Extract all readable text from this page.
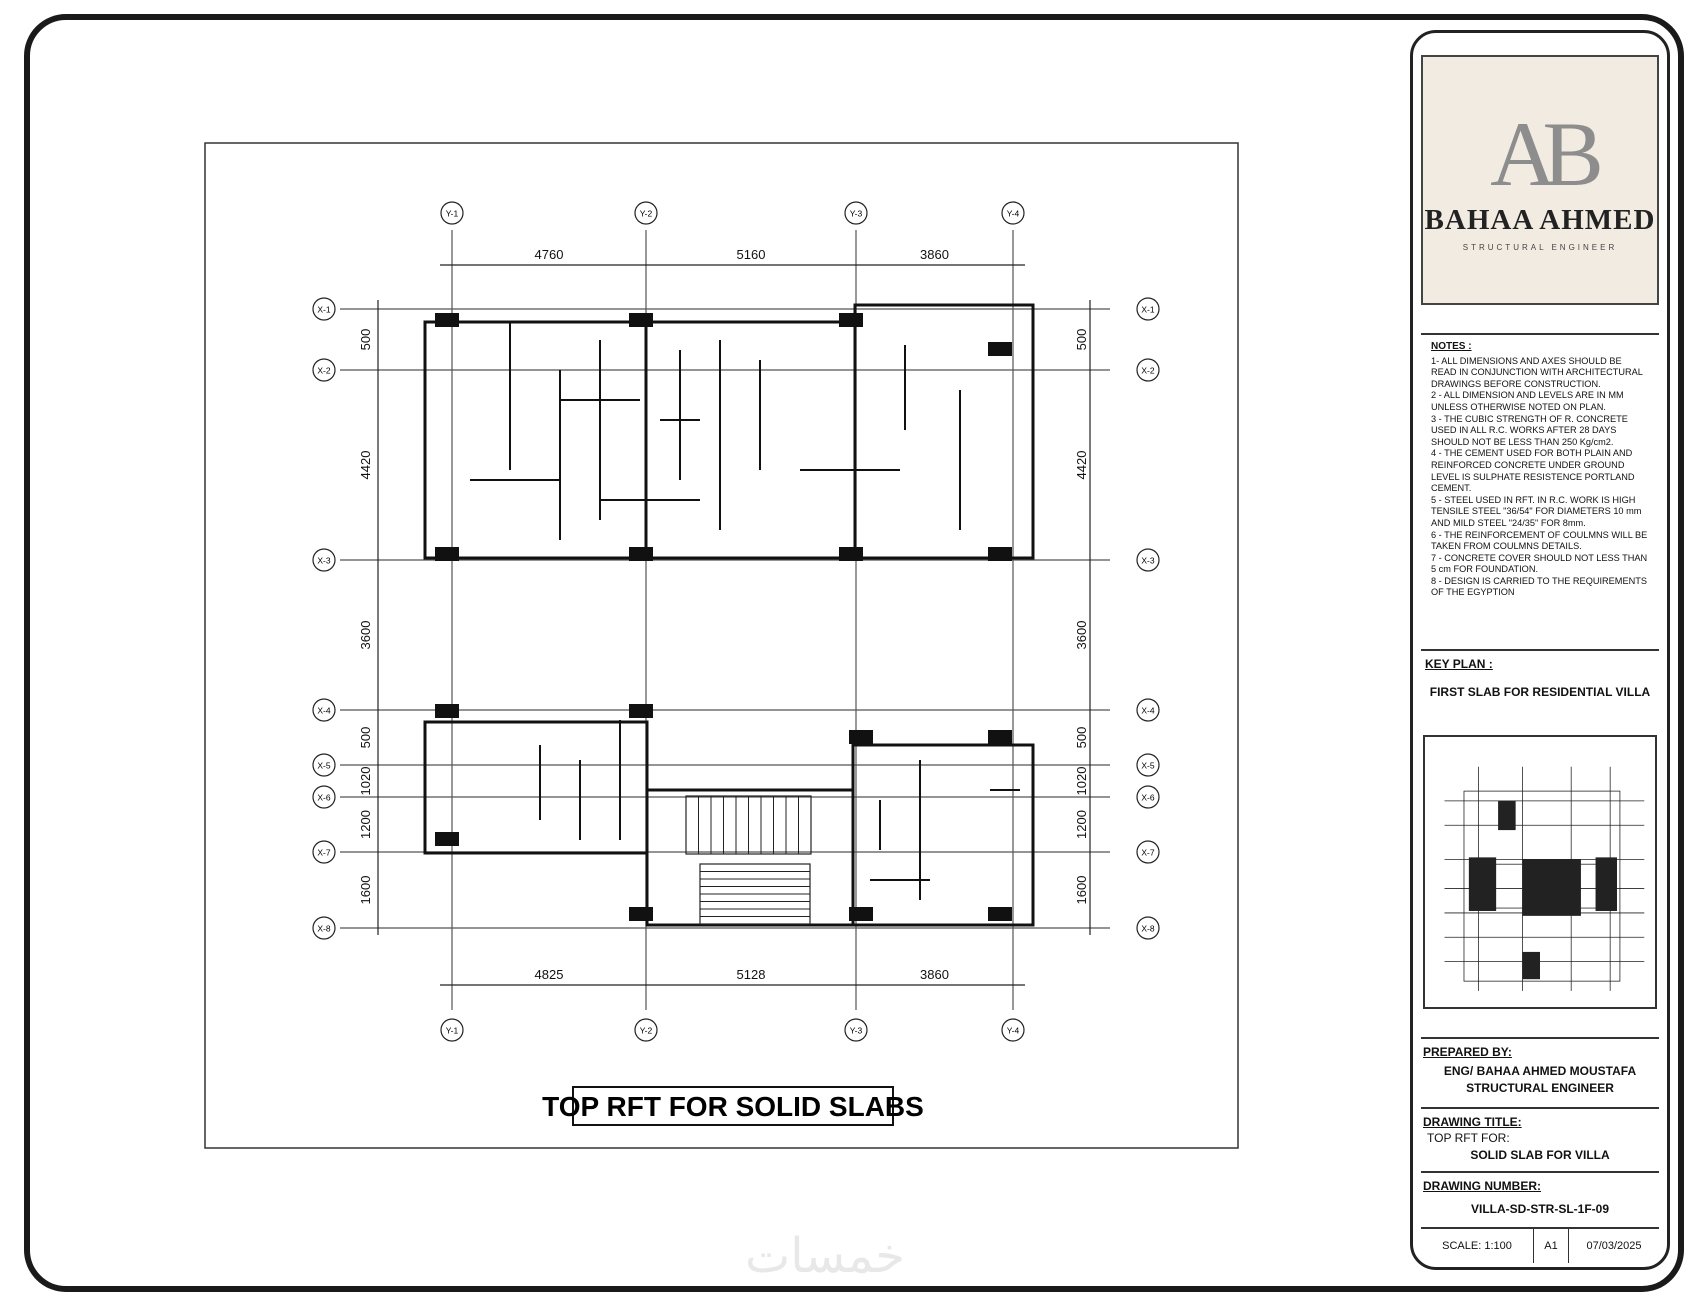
Y-1	Y-2	Y-3	Y-4
Y-1	Y-2	Y-3	Y-4
X-1
X-2
X-3
X-4
X-5
X-6
X-7
X-8
X-1
X-2
X-3
X-4
X-5
X-6
X-7
X-8
4760	5160	3860
4825	5128	3860
500	500
4420	4420
3600	3600
500	500
1020	1020
1200	1200
1600	1600
TOP RFT FOR SOLID SLABS
AB
BAHAA AHMED
STRUCTURAL ENGINEER
NOTES :
1- ALL DIMENSIONS AND AXES SHOULD BE READ IN CONJUNCTION WITH ARCHITECTURAL DRAWINGS BEFORE CONSTRUCTION.
2 - ALL DIMENSION AND LEVELS ARE IN MM UNLESS OTHERWISE NOTED ON PLAN.
3 - THE CUBIC STRENGTH OF R. CONCRETE USED IN ALL R.C. WORKS AFTER 28 DAYS SHOULD NOT BE LESS THAN 250 Kg/cm2.
4 - THE CEMENT USED FOR BOTH PLAIN AND REINFORCED CONCRETE UNDER GROUND LEVEL IS SULPHATE RESISTENCE PORTLAND CEMENT.
5 - STEEL USED IN RFT. IN R.C. WORK IS HIGH TENSILE STEEL "36/54" FOR DIAMETERS 10 mm AND MILD STEEL "24/35" FOR 8mm.
6 - THE REINFORCEMENT OF COULMNS WILL BE TAKEN FROM COULMNS DETAILS.
7 - CONCRETE COVER SHOULD NOT LESS THAN 5 cm FOR FOUNDATION.
8 - DESIGN IS CARRIED TO THE REQUIREMENTS OF THE EGYPTION
KEY PLAN :
FIRST SLAB FOR RESIDENTIAL VILLA
PREPARED BY:
ENG/ BAHAA AHMED MOUSTAFA
STRUCTURAL ENGINEER
DRAWING TITLE:
TOP RFT FOR:
SOLID SLAB FOR VILLA
DRAWING NUMBER:
VILLA-SD-STR-SL-1F-09
SCALE: 1:100	A1	07/03/2025
خمسات
